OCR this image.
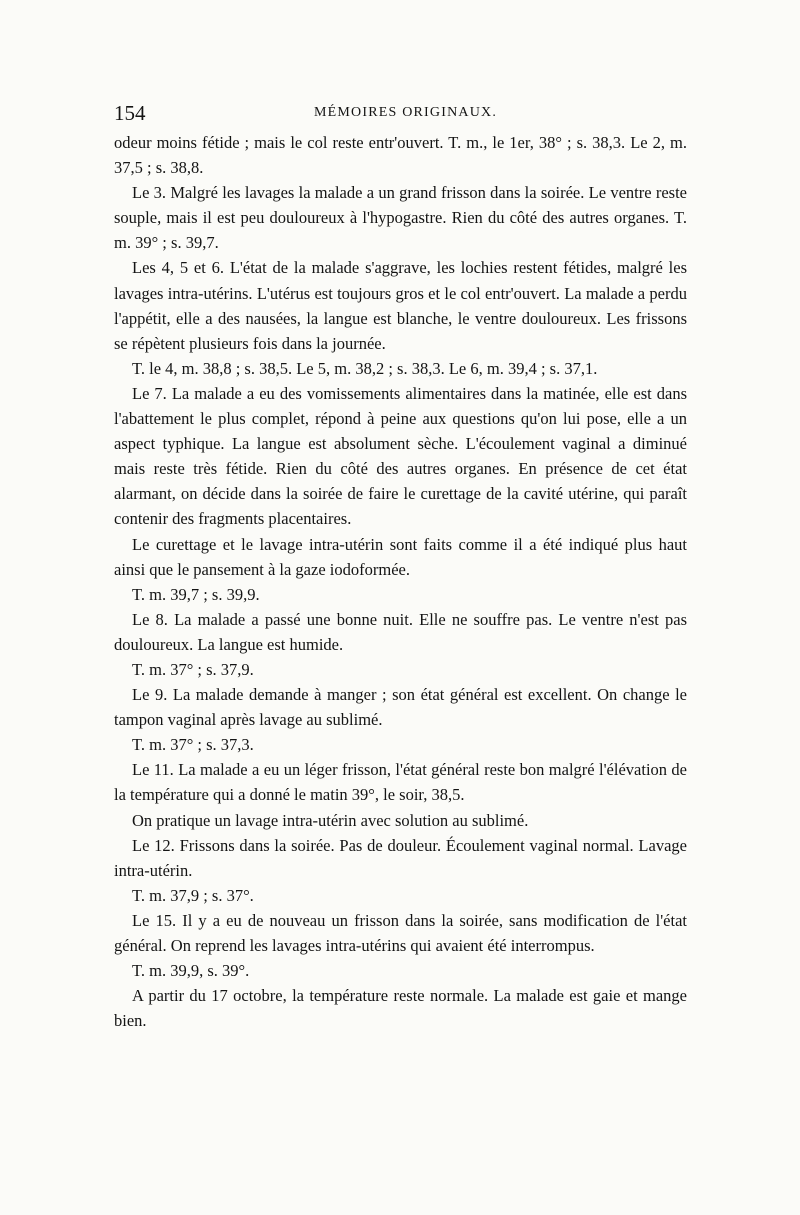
154	MÉMOIRES ORIGINAUX.

odeur moins fétide ; mais le col reste entr'ouvert. T. m., le 1er, 38° ; s. 38,3. Le 2, m. 37,5 ; s. 38,8.

Le 3. Malgré les lavages la malade a un grand frisson dans la soirée. Le ventre reste souple, mais il est peu douloureux à l'hypogastre. Rien du côté des autres organes. T. m. 39° ; s. 39,7.

Les 4, 5 et 6. L'état de la malade s'aggrave, les lochies restent fétides, malgré les lavages intra-utérins. L'utérus est toujours gros et le col entr'ouvert. La malade a perdu l'appétit, elle a des nausées, la langue est blanche, le ventre douloureux. Les frissons se répètent plusieurs fois dans la journée.

T. le 4, m. 38,8 ; s. 38,5. Le 5, m. 38,2 ; s. 38,3. Le 6, m. 39,4 ; s. 37,1.

Le 7. La malade a eu des vomissements alimentaires dans la matinée, elle est dans l'abattement le plus complet, répond à peine aux questions qu'on lui pose, elle a un aspect typhique. La langue est absolument sèche. L'écoulement vaginal a diminué mais reste très fétide. Rien du côté des autres organes. En présence de cet état alarmant, on décide dans la soirée de faire le curettage de la cavité utérine, qui paraît contenir des fragments placentaires.

Le curettage et le lavage intra-utérin sont faits comme il a été indiqué plus haut ainsi que le pansement à la gaze iodoformée.

T. m. 39,7 ; s. 39,9.

Le 8. La malade a passé une bonne nuit. Elle ne souffre pas. Le ventre n'est pas douloureux. La langue est humide.

T. m. 37° ; s. 37,9.

Le 9. La malade demande à manger ; son état général est excellent. On change le tampon vaginal après lavage au sublimé.

T. m. 37° ; s. 37,3.

Le 11. La malade a eu un léger frisson, l'état général reste bon malgré l'élévation de la température qui a donné le matin 39°, le soir, 38,5.

On pratique un lavage intra-utérin avec solution au sublimé.

Le 12. Frissons dans la soirée. Pas de douleur. Écoulement vaginal normal. Lavage intra-utérin.

T. m. 37,9 ; s. 37°.

Le 15. Il y a eu de nouveau un frisson dans la soirée, sans modification de l'état général. On reprend les lavages intra-utérins qui avaient été interrompus.

T. m. 39,9, s. 39°.

A partir du 17 octobre, la température reste normale. La malade est gaie et mange bien.
